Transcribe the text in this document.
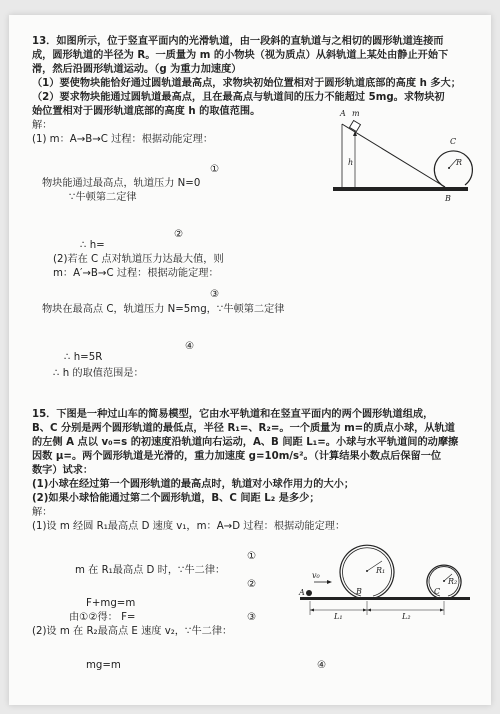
13．如图所示，位于竖直平面内的光滑轨道，由一段斜的直轨道与之相切的圆形轨道连接而
成，圆形轨道的半径为 R。一质量为 m 的小物块（视为质点）从斜轨道上某处由静止开始下
滑，然后沿圆形轨道运动。（g 为重力加速度）
（1）要使物块能恰好通过圆轨道最高点，求物块初始位置相对于圆形轨道底部的高度 h 多大；
（2）要求物块能通过圆轨道最高点，且在最高点与轨道间的压力不能超过 5mg。求物块初
始位置相对于圆形轨道底部的高度 h 的取值范围。
解：
(1) m：A→B→C 过程：根据动能定理：
①
物块能通过最高点，轨道压力 N=0
∵牛顿第二定律
②
∴ h=
(2)若在 C 点对轨道压力达最大值，则
m：A′→B→C 过程：根据动能定理：
③
物块在最高点 C，轨道压力 N=5mg，∵牛顿第二定律
④
∴ h=5R
∴ h 的取值范围是：
A m
h
C
R
B
15．下图是一种过山车的简易模型，它由水平轨道和在竖直平面内的两个圆形轨道组成，
B、C 分别是两个圆形轨道的最低点，半径 R₁=、R₂=。一个质量为 m=的质点小球，从轨道
的左侧 A 点以 v₀=s 的初速度沿轨道向右运动，A、B 间距 L₁=。小球与水平轨道间的动摩擦
因数 μ=。两个圆形轨道是光滑的，重力加速度 g=10m/s²。（计算结果小数点后保留一位
数字）试求：
(1)小球在经过第一个圆形轨道的最高点时，轨道对小球作用力的大小；
(2)如果小球恰能通过第二个圆形轨道，B、C 间距 L₂ 是多少；
解：
(1)设 m 经圆 R₁最高点 D 速度 v₁，m：A→D 过程：根据动能定理：
①
m 在 R₁最高点 D 时，∵牛二律：
②
F+mg=m
由①②得： F=	③
(2)设 m 在 R₂最高点 E 速度 v₂，∵牛二律：
mg=m	④
v₀
A	B	C
R₁
R₂
L₁	L₂
